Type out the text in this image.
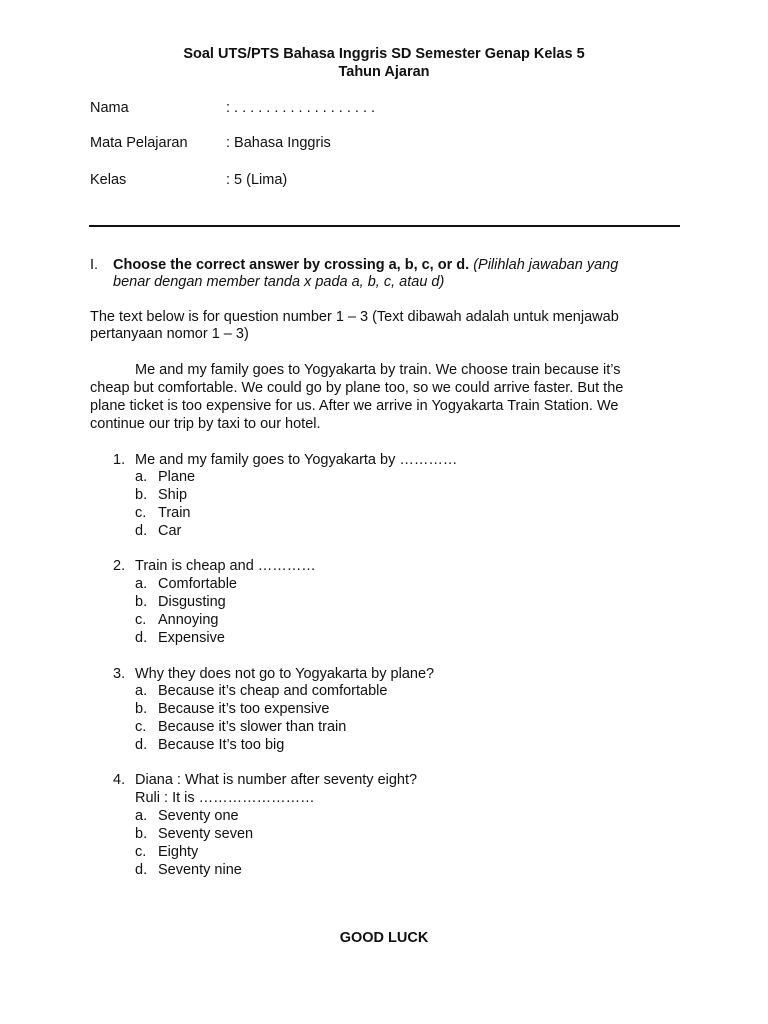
Soal UTS/PTS Bahasa Inggris SD Semester Genap Kelas 5
Tahun Ajaran
Nama	: . . . . . . . . . . . . . . . . . .
Mata Pelajaran	: Bahasa Inggris
Kelas	: 5 (Lima)
I. Choose the correct answer by crossing a, b, c, or d. (Pilihlah jawaban yang
benar dengan member tanda x pada a, b, c, atau d)
The text below is for question number 1 – 3 (Text dibawah adalah untuk menjawab
pertanyaan nomor 1 – 3)
Me and my family goes to Yogyakarta by train. We choose train because it’s
cheap but comfortable. We could go by plane too, so we could arrive faster. But the
plane ticket is too expensive for us. After we arrive in Yogyakarta Train Station. We
continue our trip by taxi to our hotel.
1. Me and my family goes to Yogyakarta by …………
a. Plane
b. Ship
c. Train
d. Car
2. Train is cheap and …………
a. Comfortable
b. Disgusting
c. Annoying
d. Expensive
3. Why they does not go to Yogyakarta by plane?
a. Because it’s cheap and comfortable
b. Because it’s too expensive
c. Because it’s slower than train
d. Because It’s too big
4. Diana : What is number after seventy eight?
Ruli : It is ……………………
a. Seventy one
b. Seventy seven
c. Eighty
d. Seventy nine
GOOD LUCK
